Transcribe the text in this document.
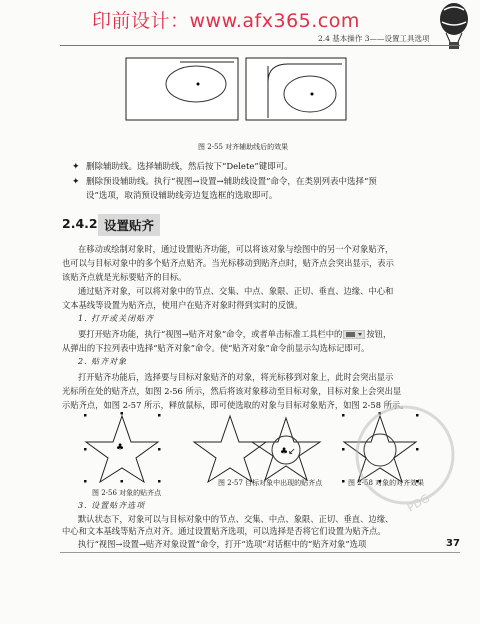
印前设计：www.afx365.com
2.4 基本操作 3——设置工具选项
图 2-55 对齐辅助线后的效果
✦ 删除辅助线。选择辅助线，然后按下“Delete”键即可。
✦ 删除预设辅助线。执行“视图→设置→辅助线设置”命令，在类别列表中选择“预
设”选项，取消预设辅助线旁边复选框的选取即可。
2.4.2 设置贴齐
在移动或绘制对象时，通过设置贴齐功能，可以将该对象与绘图中的另一个对象贴齐，
也可以与目标对象中的多个贴齐点贴齐。当光标移动到贴齐点时，贴齐点会突出显示，表示
该贴齐点就是光标要贴齐的目标。
通过贴齐对象，可以将对象中的节点、交集、中点、象限、正切、垂直、边缘、中心和
文本基线等设置为贴齐点，使用户在贴齐对象时得到实时的反馈。
1. 打开或关闭贴齐
要打开贴齐功能，执行“视图→贴齐对象”命令，或者单击标准工具栏中的	按钮，
从弹出的下拉列表中选择“贴齐对象”命令。使“贴齐对象”命令前显示勾选标记即可。
2. 贴齐对象
打开贴齐功能后，选择要与目标对象贴齐的对象，将光标移到对象上，此时会突出显示
光标所在处的贴齐点，如图 2-56 所示，然后将该对象移动至目标对象，目标对象上会突出显
示贴齐点，如图 2-57 所示，释放鼠标，即可使选取的对象与目标对象贴齐，如图 2-58 所示。
♣	♣↙
图 2-56 对象的贴齐点
图 2-57 目标对象中出现的贴齐点	图 2-58 对象的对齐效果
3. 设置贴齐选项
默认状态下，对象可以与目标对象中的节点、交集、中点、象限、正切、垂直、边缘、
中心和文本基线等贴齐点对齐。通过设置贴齐选项，可以选择是否将它们设置为贴齐点。
执行“视图→设置→贴齐对象设置”命令，打开“选项”对话框中的“贴齐对象”选项	37
PDG
